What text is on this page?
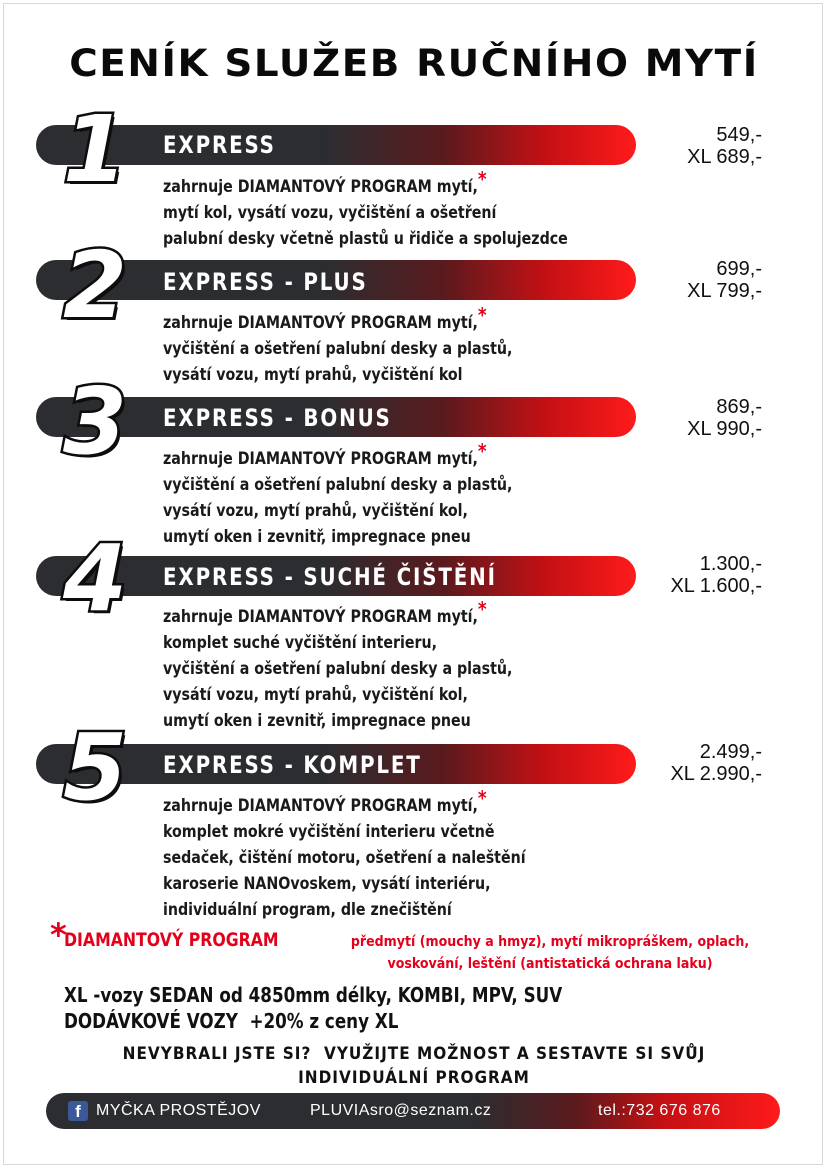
CENÍK SLUŽEB RUČNÍHO MYTÍ
EXPRESS
1	549,-
XL 689,-
zahrnuje DIAMANTOVÝ PROGRAM mytí,*
mytí kol, vysátí vozu, vyčištění a ošetření
palubní desky včetně plastů u řidiče a spolujezdce
EXPRESS - PLUS
2	699,-
XL 799,-
zahrnuje DIAMANTOVÝ PROGRAM mytí,*
vyčištění a ošetření palubní desky a plastů,
vysátí vozu, mytí prahů, vyčištění kol
EXPRESS - BONUS
3	869,-
XL 990,-
zahrnuje DIAMANTOVÝ PROGRAM mytí,*
vyčištění a ošetření palubní desky a plastů,
vysátí vozu, mytí prahů, vyčištění kol,
umytí oken i zevnitř, impregnace pneu
EXPRESS - SUCHÉ ČIŠTĚNÍ
4	1.300,-
XL 1.600,-
zahrnuje DIAMANTOVÝ PROGRAM mytí,*
komplet suché vyčištění interieru,
vyčištění a ošetření palubní desky a plastů,
vysátí vozu, mytí prahů, vyčištění kol,
umytí oken i zevnitř, impregnace pneu
EXPRESS - KOMPLET
5	2.499,-
XL 2.990,-
zahrnuje DIAMANTOVÝ PROGRAM mytí,*
komplet mokré vyčištění interieru včetně
sedaček, čištění motoru, ošetření a naleštění
karoserie NANOvoskem, vysátí interiéru,
individuální program, dle znečištění
*
DIAMANTOVÝ PROGRAM	předmytí (mouchy a hmyz), mytí mikropráškem, oplach,
voskování, leštění (antistatická ochrana laku)
XL -vozy SEDAN od 4850mm délky, KOMBI, MPV, SUV
DODÁVKOVÉ VOZY  +20% z ceny XL
NEVYBRALI JSTE SI?  VYUŽIJTE MOŽNOST A SESTAVTE SI SVŮJ
INDIVIDUÁLNÍ PROGRAM
f MYČKA PROSTĚJOV	PLUVIAsro@seznam.cz	tel.:732 676 876
